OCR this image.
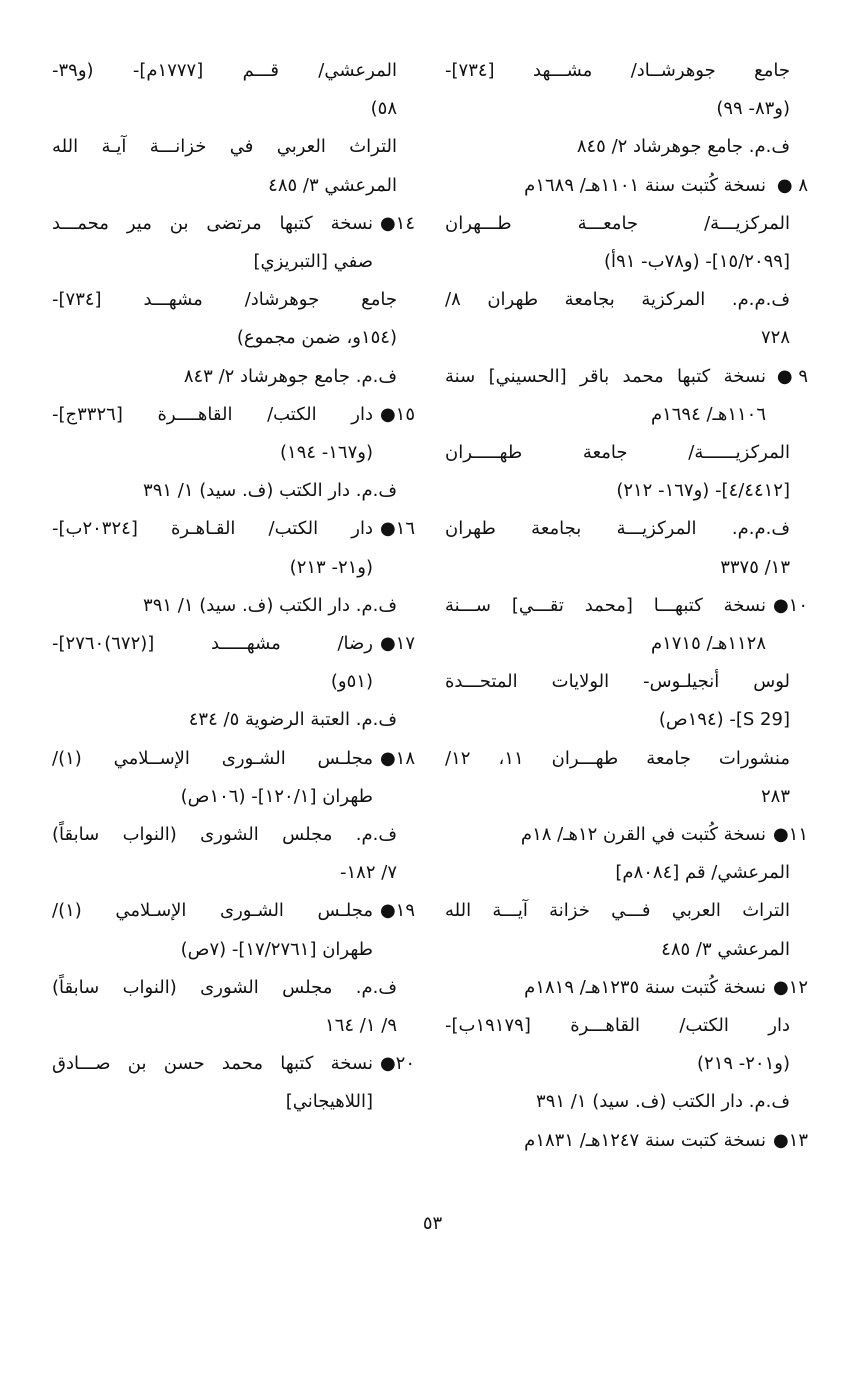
جامع جوهرشــاد/ مشـــهد [٧٣٤]-
(و٨٣- ٩٩)
ف.م. جامع جوهرشاد ٢/ ٨٤٥
٨ ●
نسخة كُتبت سنة ١١٠١هـ/ ١٦٨٩م
المركزيـــة/ جامعـــة طـــهران
[١٥/٢٠٩٩]- (و٧٨ب- ٩١أ)
ف.م.م. المركزية بجامعة طهران ٨/
٧٢٨
٩ ●
نسخة كتبها محمد باقر [الحسيني] سنة
١١٠٦هـ/ ١٦٩٤م
المركزيــــــة/ جامعة طهـــــران
[٤/٤٤١٢]- (و١٦٧- ٢١٢)
ف.م.م. المركزيـــة بجامعة طهران
١٣/ ٣٣٧٥
١٠●
نسخة كتبهـــا [محمد تقـــي] ســـنة
١١٢٨هـ/ ١٧١٥م
لوس أنجيلـوس- الولايات المتحـــدة
[S 29]- (١٩٤ص)
منشورات جامعة طهـــران ١١، ١٢/
٢٨٣
١١●
نسخة كُتبت في القرن ١٢هـ/ ١٨م
المرعشي/ قم [٨٠٨٤م]
التراث العربي فـــي خزانة آيـــة الله
المرعشي ٣/ ٤٨٥
١٢●
نسخة كُتبت سنة ١٢٣٥هـ/ ١٨١٩م
دار الكتب/ القاهـــرة [١٩١٧٩ب]-
(و٢٠١- ٢١٩)
ف.م. دار الكتب (ف. سيد) ١/ ٣٩١
١٣●
نسخة كتبت سنة ١٢٤٧هـ/ ١٨٣١م
المرعشي/ قـــم [١٧٧٧م]- (و٣٩-
٥٨)
التراث العربي في خزانـــة آيـة الله
المرعشي ٣/ ٤٨٥
١٤●
نسخة كتبها مرتضى بن مير محمـــد
صفي [التبريزي]
جامع جوهرشاد/ مشهـــد [٧٣٤]-
(١٥٤و، ضمن مجموع)
ف.م. جامع جوهرشاد ٢/ ٨٤٣
١٥●
دار الكتب/ القاهــــرة [٣٣٢٦ج]-
(و١٦٧- ١٩٤)
ف.م. دار الكتب (ف. سيد) ١/ ٣٩١
١٦●
دار الكتب/ القـاهـرة [٢٠٣٢٤ب]-
(و٢١- ٢١٣)
ف.م. دار الكتب (ف. سيد) ١/ ٣٩١
١٧●
رضا/ مشهـــــد [(٦٧٢)٢٧٦٠]-
(٥١و)
ف.م. العتبة الرضوية ٥/ ٤٣٤
١٨●
مجلـس الشـورى الإســلامي (١)/
طهران [١٢٠/١]- (١٠٦ص)
ف.م. مجلس الشورى (النواب سابقاً)
٧/ ١٨٢-
١٩●
مجلـس الشـورى الإسـلامي (١)/
طهران [١٧/٢٧٦١]- (٧ص)
ف.م. مجلس الشورى (النواب سابقاً)
٩/ ١/ ١٦٤
٢٠●
نسخة كتبها محمد حسن بن صـــادق
[اللاهيجاني]
٥٣
